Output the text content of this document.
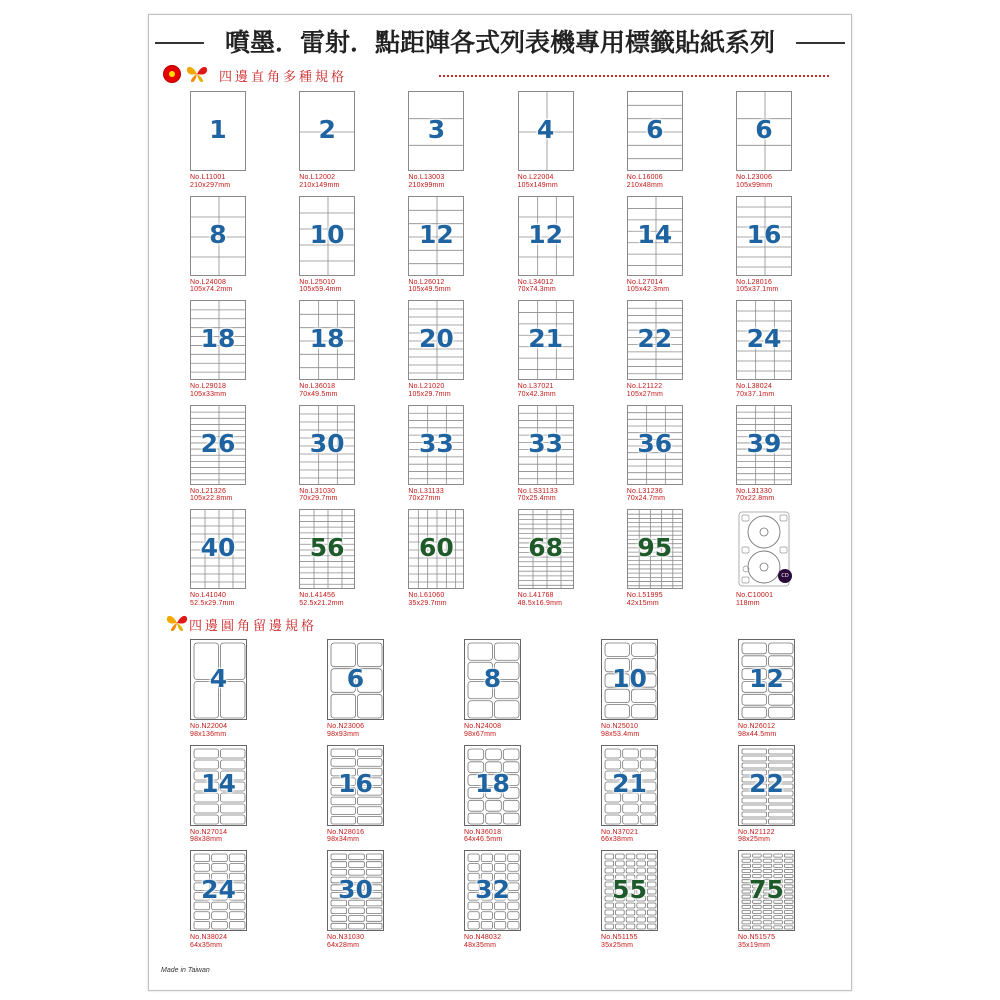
噴墨．雷射．點距陣各式列表機專用標籤貼紙系列
四邊直角多種規格
1
No.L11001
210x297mm
2
No.L12002
210x149mm
3
No.L13003
210x99mm
4
No.L22004
105x149mm
6
No.L16006
210x48mm
6
No.L23006
105x99mm
8
No.L24008
105x74.2mm
10
No.L25010
105x59.4mm
12
No.L26012
105x49.5mm
12
No.L34012
70x74.3mm
14
No.L27014
105x42.3mm
16
No.L28016
105x37.1mm
18
No.L29018
105x33mm
18
No.L36018
70x49.5mm
20
No.L21020
105x29.7mm
21
No.L37021
70x42.3mm
22
No.L21122
105x27mm
24
No.L38024
70x37.1mm
26
No.L21326
105x22.8mm
30
No.L31030
70x29.7mm
33
No.L31133
70x27mm
33
No.LS31133
70x25.4mm
36
No.L31236
70x24.7mm
39
No.L31330
70x22.8mm
40
No.L41040
52.5x29.7mm
56
No.L41456
52.5x21.2mm
60
No.L61060
35x29.7mm
68
No.L41768
48.5x16.9mm
95
No.L51995
42x15mm
CD
No.C10001
118mm
四邊圓角留邊規格
4
No.N22004
98x136mm
6
No.N23006
98x93mm
8
No.N24008
98x67mm
10
No.N25010
98x53.4mm
12
No.N26012
98x44.5mm
14
No.N27014
98x38mm
16
No.N28016
98x34mm
18
No.N36018
64x46.5mm
21
No.N37021
66x38mm
22
No.N21122
98x25mm
24
No.N38024
64x35mm
30
No.N31030
64x28mm
32
No.N48032
48x35mm
55
No.N51155
35x25mm
75
No.N51575
35x19mm
Made in Taiwan
